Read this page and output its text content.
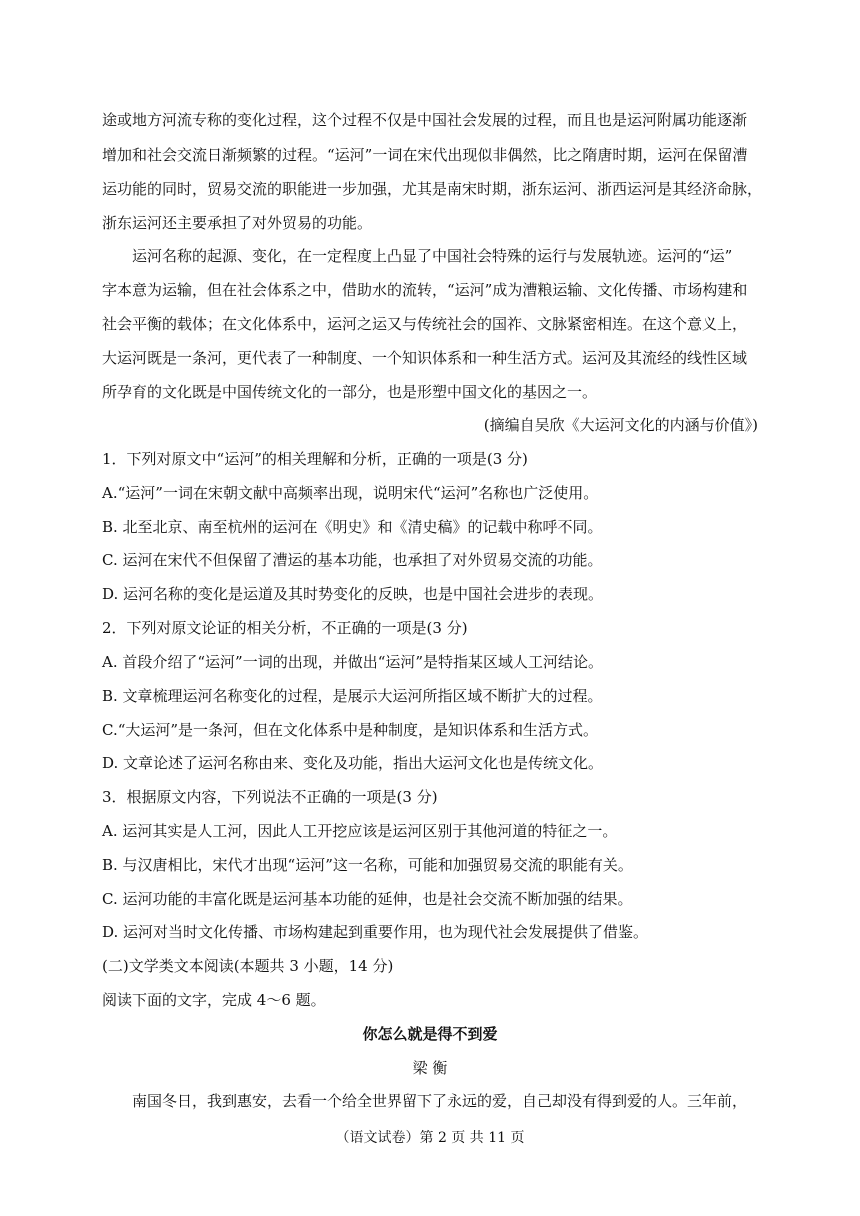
途或地方河流专称的变化过程，这个过程不仅是中国社会发展的过程，而且也是运河附属功能逐渐
增加和社会交流日渐频繁的过程。“运河”一词在宋代出现似非偶然，比之隋唐时期，运河在保留漕
运功能的同时，贸易交流的职能进一步加强，尤其是南宋时期，浙东运河、浙西运河是其经济命脉，
浙东运河还主要承担了对外贸易的功能。
运河名称的起源、变化，在一定程度上凸显了中国社会特殊的运行与发展轨迹。运河的“运”
字本意为运输，但在社会体系之中，借助水的流转，“运河”成为漕粮运输、文化传播、市场构建和
社会平衡的载体；在文化体系中，运河之运又与传统社会的国祚、文脉紧密相连。在这个意义上，
大运河既是一条河，更代表了一种制度、一个知识体系和一种生活方式。运河及其流经的线性区域
所孕育的文化既是中国传统文化的一部分，也是形塑中国文化的基因之一。
(摘编自吴欣《大运河文化的内涵与价值》)
1．下列对原文中“运河”的相关理解和分析，正确的一项是(3 分)
A.“运河”一词在宋朝文献中高频率出现，说明宋代“运河”名称也广泛使用。
B. 北至北京、南至杭州的运河在《明史》和《清史稿》的记载中称呼不同。
C. 运河在宋代不但保留了漕运的基本功能，也承担了对外贸易交流的功能。
D. 运河名称的变化是运道及其时势变化的反映，也是中国社会进步的表现。
2．下列对原文论证的相关分析，不正确的一项是(3 分)
A. 首段介绍了“运河”一词的出现，并做出“运河”是特指某区域人工河结论。
B. 文章梳理运河名称变化的过程，是展示大运河所指区域不断扩大的过程。
C.“大运河”是一条河，但在文化体系中是种制度，是知识体系和生活方式。
D. 文章论述了运河名称由来、变化及功能，指出大运河文化也是传统文化。
3．根据原文内容，下列说法不正确的一项是(3 分)
A. 运河其实是人工河，因此人工开挖应该是运河区别于其他河道的特征之一。
B. 与汉唐相比，宋代才出现“运河”这一名称，可能和加强贸易交流的职能有关。
C. 运河功能的丰富化既是运河基本功能的延伸，也是社会交流不断加强的结果。
D. 运河对当时文化传播、市场构建起到重要作用，也为现代社会发展提供了借鉴。
(二)文学类文本阅读(本题共 3 小题，14 分)
阅读下面的文字，完成 4～6 题。
你怎么就是得不到爱
梁 衡
南国冬日，我到惠安，去看一个给全世界留下了永远的爱，自己却没有得到爱的人。三年前，
（语文试卷）第 2 页 共 11 页
